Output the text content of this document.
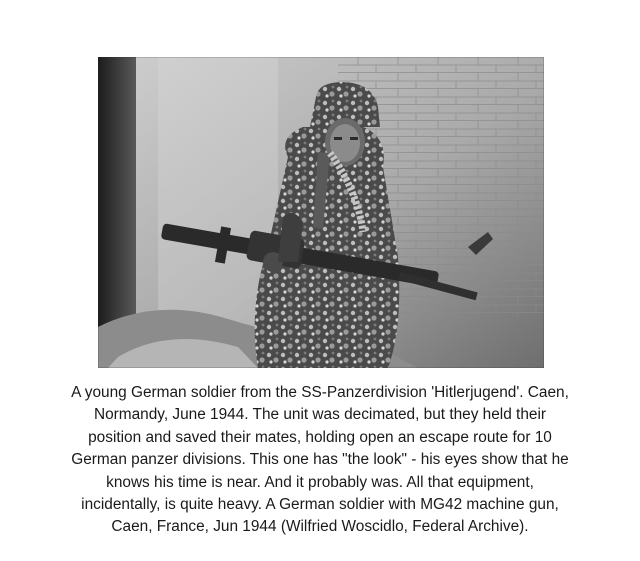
A young German soldier from the SS-Panzerdivision 'Hitlerjugend'. Caen,
Normandy, June 1944. The unit was decimated, but they held their
position and saved their mates, holding open an escape route for 10
German panzer divisions. This one has "the look" - his eyes show that he
knows his time is near. And it probably was. All that equipment,
incidentally, is quite heavy. A German soldier with MG42 machine gun,
Caen, France, Jun 1944 (Wilfried Woscidlo, Federal Archive).
